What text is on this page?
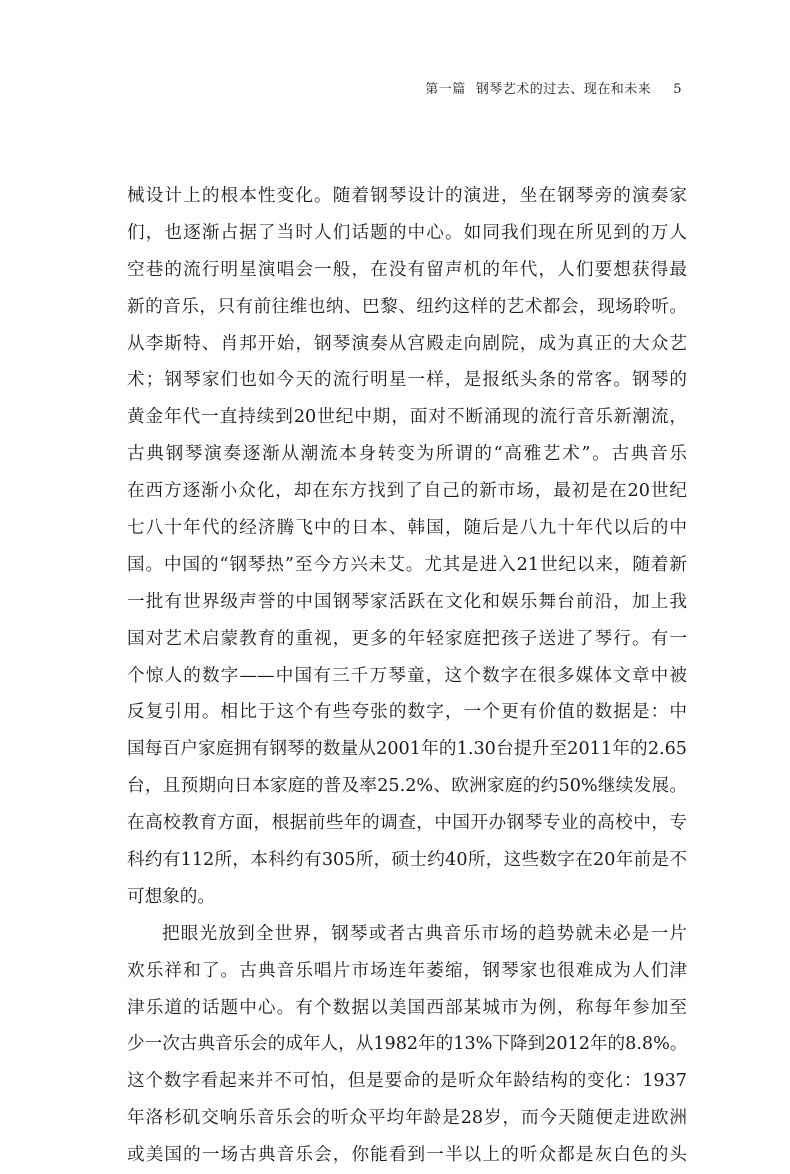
第一篇 钢琴艺术的过去、现在和未来 5
械设计上的根本性变化。随着钢琴设计的演进，坐在钢琴旁的演奏家
们，也逐渐占据了当时人们话题的中心。如同我们现在所见到的万人
空巷的流行明星演唱会一般，在没有留声机的年代，人们要想获得最
新的音乐，只有前往维也纳、巴黎、纽约这样的艺术都会，现场聆听。
从李斯特、肖邦开始，钢琴演奏从宫殿走向剧院，成为真正的大众艺
术；钢琴家们也如今天的流行明星一样，是报纸头条的常客。钢琴的
黄金年代一直持续到20世纪中期，面对不断涌现的流行音乐新潮流，
古典钢琴演奏逐渐从潮流本身转变为所谓的“高雅艺术”。古典音乐
在西方逐渐小众化，却在东方找到了自己的新市场，最初是在20世纪
七八十年代的经济腾飞中的日本、韩国，随后是八九十年代以后的中
国。中国的“钢琴热”至今方兴未艾。尤其是进入21世纪以来，随着新
一批有世界级声誉的中国钢琴家活跃在文化和娱乐舞台前沿，加上我
国对艺术启蒙教育的重视，更多的年轻家庭把孩子送进了琴行。有一
个惊人的数字——中国有三千万琴童，这个数字在很多媒体文章中被
反复引用。相比于这个有些夸张的数字，一个更有价值的数据是：中
国每百户家庭拥有钢琴的数量从2001年的1.30台提升至2011年的2.65
台，且预期向日本家庭的普及率25.2%、欧洲家庭的约50%继续发展。
在高校教育方面，根据前些年的调查，中国开办钢琴专业的高校中，专
科约有112所，本科约有305所，硕士约40所，这些数字在20年前是不
可想象的。
把眼光放到全世界，钢琴或者古典音乐市场的趋势就未必是一片
欢乐祥和了。古典音乐唱片市场连年萎缩，钢琴家也很难成为人们津
津乐道的话题中心。有个数据以美国西部某城市为例，称每年参加至
少一次古典音乐会的成年人，从1982年的13%下降到2012年的8.8%。
这个数字看起来并不可怕，但是要命的是听众年龄结构的变化：1937
年洛杉矶交响乐音乐会的听众平均年龄是28岁，而今天随便走进欧洲
或美国的一场古典音乐会，你能看到一半以上的听众都是灰白色的头
